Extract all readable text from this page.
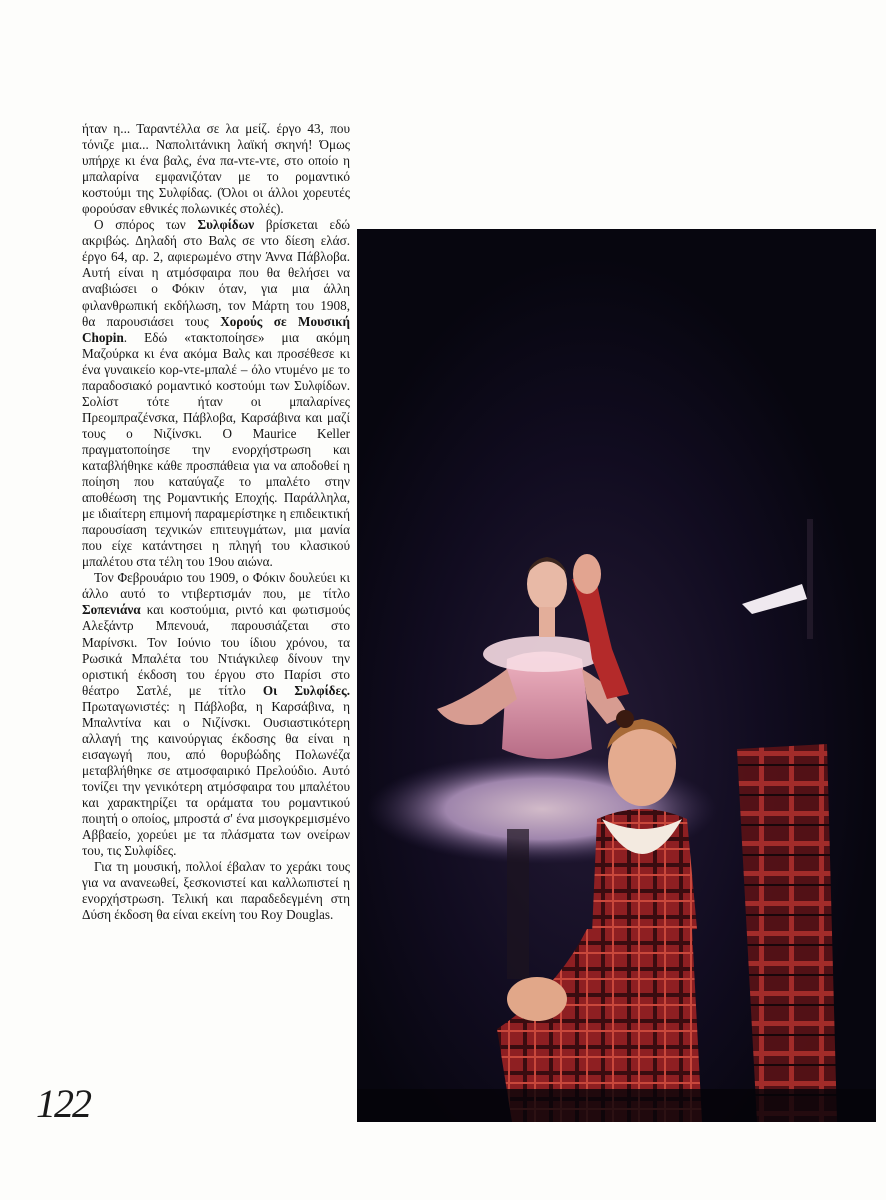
ήταν η... Ταραντέλλα σε λα μείζ. έργο 43, που τόνιζε μια... Ναπολιτάνικη λαϊκή σκηνή! Όμως υπήρχε κι ένα βαλς, ένα πα-ντε-ντε, στο οποίο η μπαλαρίνα εμφανιζόταν με το ρομαντικό κοστούμι της Συλφίδας. (Όλοι οι άλλοι χορευτές φορούσαν εθνικές πολωνικές στολές).

Ο σπόρος των Συλφίδων βρίσκεται εδώ ακριβώς. Δηλαδή στο Βαλς σε ντο δίεση ελάσ. έργο 64, αρ. 2, αφιερωμένο στην Άννα Πάβλοβα. Αυτή είναι η ατμόσφαιρα που θα θελήσει να αναβιώσει ο Φόκιν όταν, για μια άλλη φιλανθρωπική εκδήλωση, τον Μάρτη του 1908, θα παρουσιάσει τους Χορούς σε Μουσική Chopin. Εδώ «τακτοποίησε» μια ακόμη Μαζούρκα κι ένα ακόμα Βαλς και προσέθεσε κι ένα γυναικείο κορ-ντε-μπαλέ – όλο ντυμένο με το παραδοσιακό ρομαντικό κοστούμι των Συλφίδων. Σολίστ τότε ήταν οι μπαλαρίνες Πρεομπραζένσκα, Πάβλοβα, Καρσάβινα και μαζί τους ο Νιζίνσκι. Ο Maurice Keller πραγματοποίησε την ενορχήστρωση και καταβλήθηκε κάθε προσπάθεια για να αποδοθεί η ποίηση που καταύγαζε το μπαλέτο στην αποθέωση της Ρομαντικής Εποχής. Παράλληλα, με ιδιαίτερη επιμονή παραμερίστηκε η επιδεικτική παρουσίαση τεχνικών επιτευγμάτων, μια μανία που είχε κατάντησει η πληγή του κλασικού μπαλέτου στα τέλη του 19ου αιώνα.

Τον Φεβρουάριο του 1909, ο Φόκιν δουλεύει κι άλλο αυτό το ντιβερτισμάν που, με τίτλο Σοπενιάνα και κοστούμια, ριντό και φωτισμούς Αλεξάντρ Μπενουά, παρουσιάζεται στο Μαρίνσκι. Τον Ιούνιο του ίδιου χρόνου, τα Ρωσικά Μπαλέτα του Ντιάγκιλεφ δίνουν την οριστική έκδοση του έργου στο Παρίσι στο θέατρο Σατλέ, με τίτλο Οι Συλφίδες. Πρωταγωνιστές: η Πάβλοβα, η Καρσάβινα, η Μπαλντίνα και ο Νιζίνσκι. Ουσιαστικότερη αλλαγή της καινούργιας έκδοσης θα είναι η εισαγωγή που, από θορυβώδης Πολωνέζα μεταβλήθηκε σε ατμοσφαιρικό Πρελούδιο. Αυτό τονίζει την γενικότερη ατμόσφαιρα του μπαλέτου και χαρακτηρίζει τα οράματα του ρομαντικού ποιητή ο οποίος, μπροστά σ' ένα μισογκρεμισμένο Αββαείο, χορεύει με τα πλάσματα των ονείρων του, τις Συλφίδες.

Για τη μουσική, πολλοί έβαλαν το χεράκι τους για να ανανεωθεί, ξεσκονιστεί και καλλωπιστεί η ενορχήστρωση. Τελική και παραδεδεγμένη στη Δύση έκδοση θα είναι εκείνη του Roy Douglas.

122
